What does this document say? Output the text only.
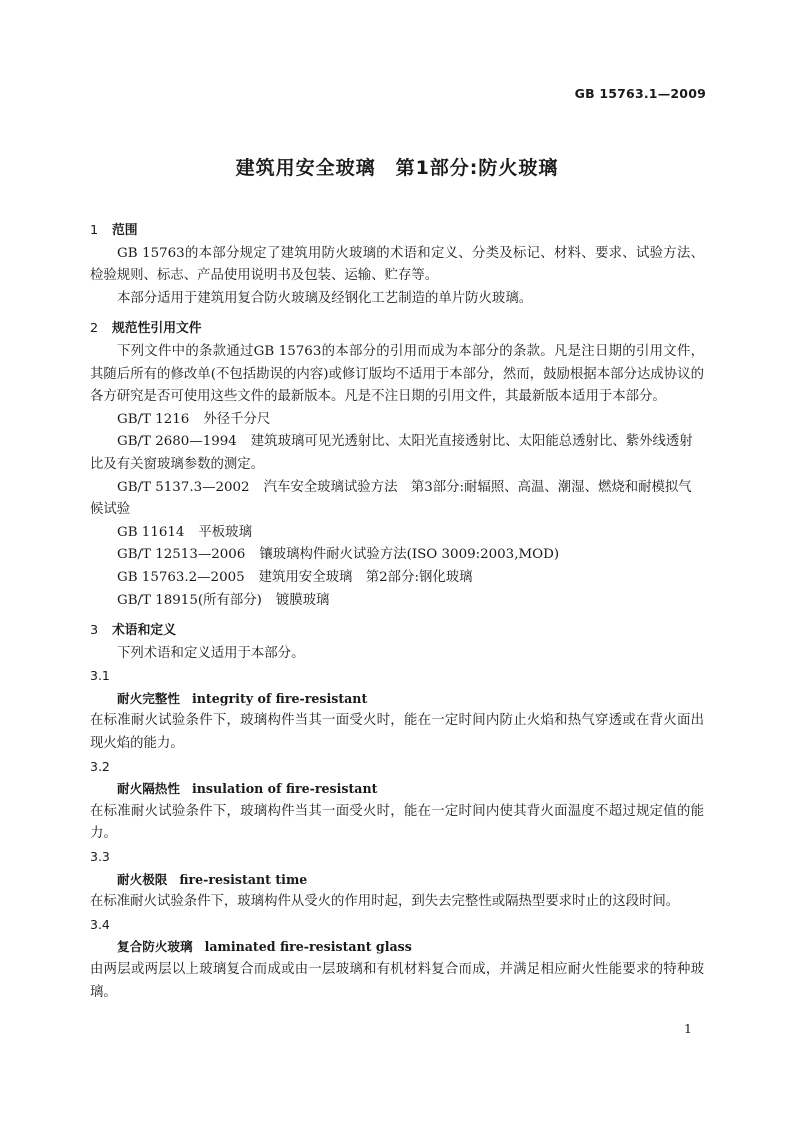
GB 15763.1—2009
建筑用安全玻璃　第1部分:防火玻璃
1 范围
GB 15763的本部分规定了建筑用防火玻璃的术语和定义、分类及标记、材料、要求、试验方法、检验规则、标志、产品使用说明书及包装、运输、贮存等。
本部分适用于建筑用复合防火玻璃及经钢化工艺制造的单片防火玻璃。
2 规范性引用文件
下列文件中的条款通过GB 15763的本部分的引用而成为本部分的条款。凡是注日期的引用文件，其随后所有的修改单(不包括勘误的内容)或修订版均不适用于本部分，然而，鼓励根据本部分达成协议的各方研究是否可使用这些文件的最新版本。凡是不注日期的引用文件，其最新版本适用于本部分。
GB/T 1216 外径千分尺
GB/T 2680—1994 建筑玻璃可见光透射比、太阳光直接透射比、太阳能总透射比、紫外线透射比及有关窗玻璃参数的测定。
GB/T 5137.3—2002 汽车安全玻璃试验方法　第3部分:耐辐照、高温、潮湿、燃烧和耐模拟气候试验
GB 11614 平板玻璃
GB/T 12513—2006 镶玻璃构件耐火试验方法(ISO 3009:2003,MOD)
GB 15763.2—2005 建筑用安全玻璃　第2部分:钢化玻璃
GB/T 18915(所有部分) 镀膜玻璃
3 术语和定义
下列术语和定义适用于本部分。
3.1
耐火完整性 integrity of fire-resistant
在标准耐火试验条件下，玻璃构件当其一面受火时，能在一定时间内防止火焰和热气穿透或在背火面出现火焰的能力。
3.2
耐火隔热性 insulation of fire-resistant
在标准耐火试验条件下，玻璃构件当其一面受火时，能在一定时间内使其背火面温度不超过规定值的能力。
3.3
耐火极限 fire-resistant time
在标准耐火试验条件下，玻璃构件从受火的作用时起，到失去完整性或隔热型要求时止的这段时间。
3.4
复合防火玻璃 laminated fire-resistant glass
由两层或两层以上玻璃复合而成或由一层玻璃和有机材料复合而成，并满足相应耐火性能要求的特种玻璃。
1
